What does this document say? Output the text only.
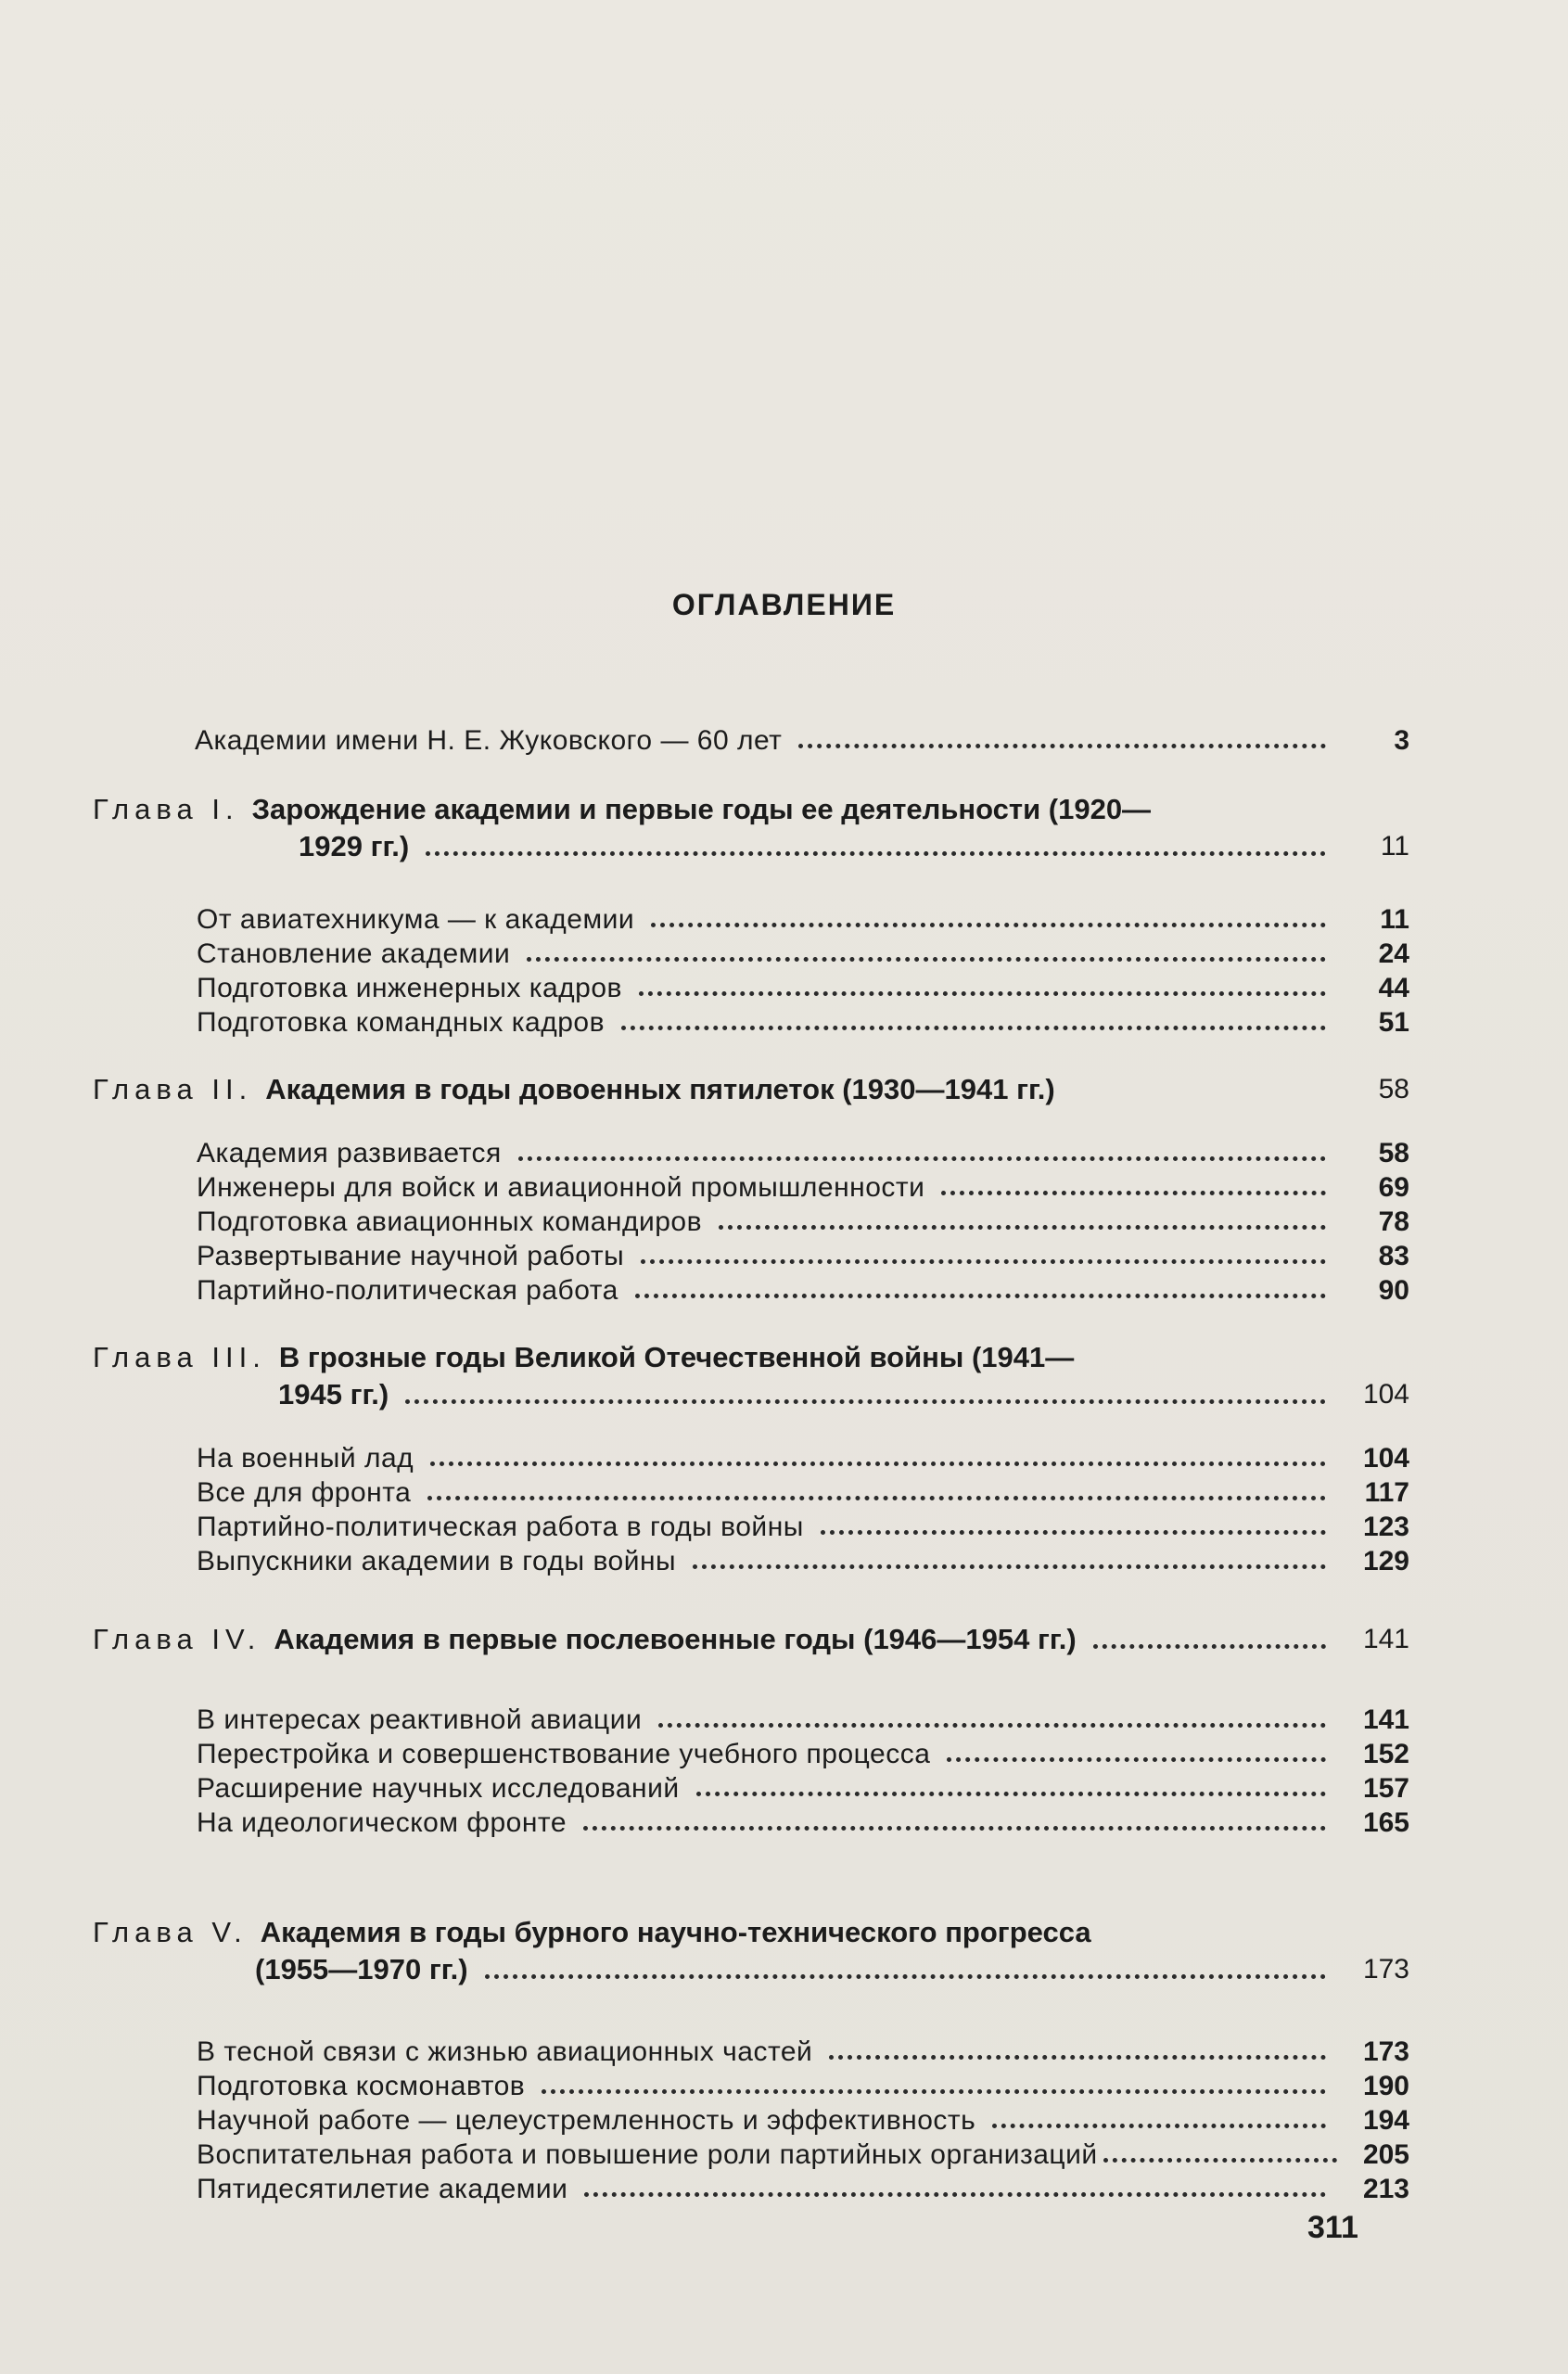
ОГЛАВЛЕНИЕ
Академии имени Н. Е. Жуковского — 60 лет	3
Глава I. Зарождение академии и первые годы ее деятельности (1920—
1929 гг.)	11
От авиатехникума — к академии	11
Становление академии	24
Подготовка инженерных кадров	44
Подготовка командных кадров	51
Глава II. Академия в годы довоенных пятилеток (1930—1941 гг.)	58
Академия развивается	58
Инженеры для войск и авиационной промышленности	69
Подготовка авиационных командиров	78
Развертывание научной работы	83
Партийно-политическая работа	90
Глава III. В грозные годы Великой Отечественной войны (1941—
1945 гг.)	104
На военный лад	104
Все для фронта	117
Партийно-политическая работа в годы войны	123
Выпускники академии в годы войны	129
Глава IV. Академия в первые послевоенные годы (1946—1954 гг.)	141
В интересах реактивной авиации	141
Перестройка и совершенствование учебного процесса	152
Расширение научных исследований	157
На идеологическом фронте	165
Глава V. Академия в годы бурного научно-технического прогресса
(1955—1970 гг.)	173
В тесной связи с жизнью авиационных частей	173
Подготовка космонавтов	190
Научной работе — целеустремленность и эффективность	194
Воспитательная работа и повышение роли партийных организаций	205
Пятидесятилетие академии	213
311
